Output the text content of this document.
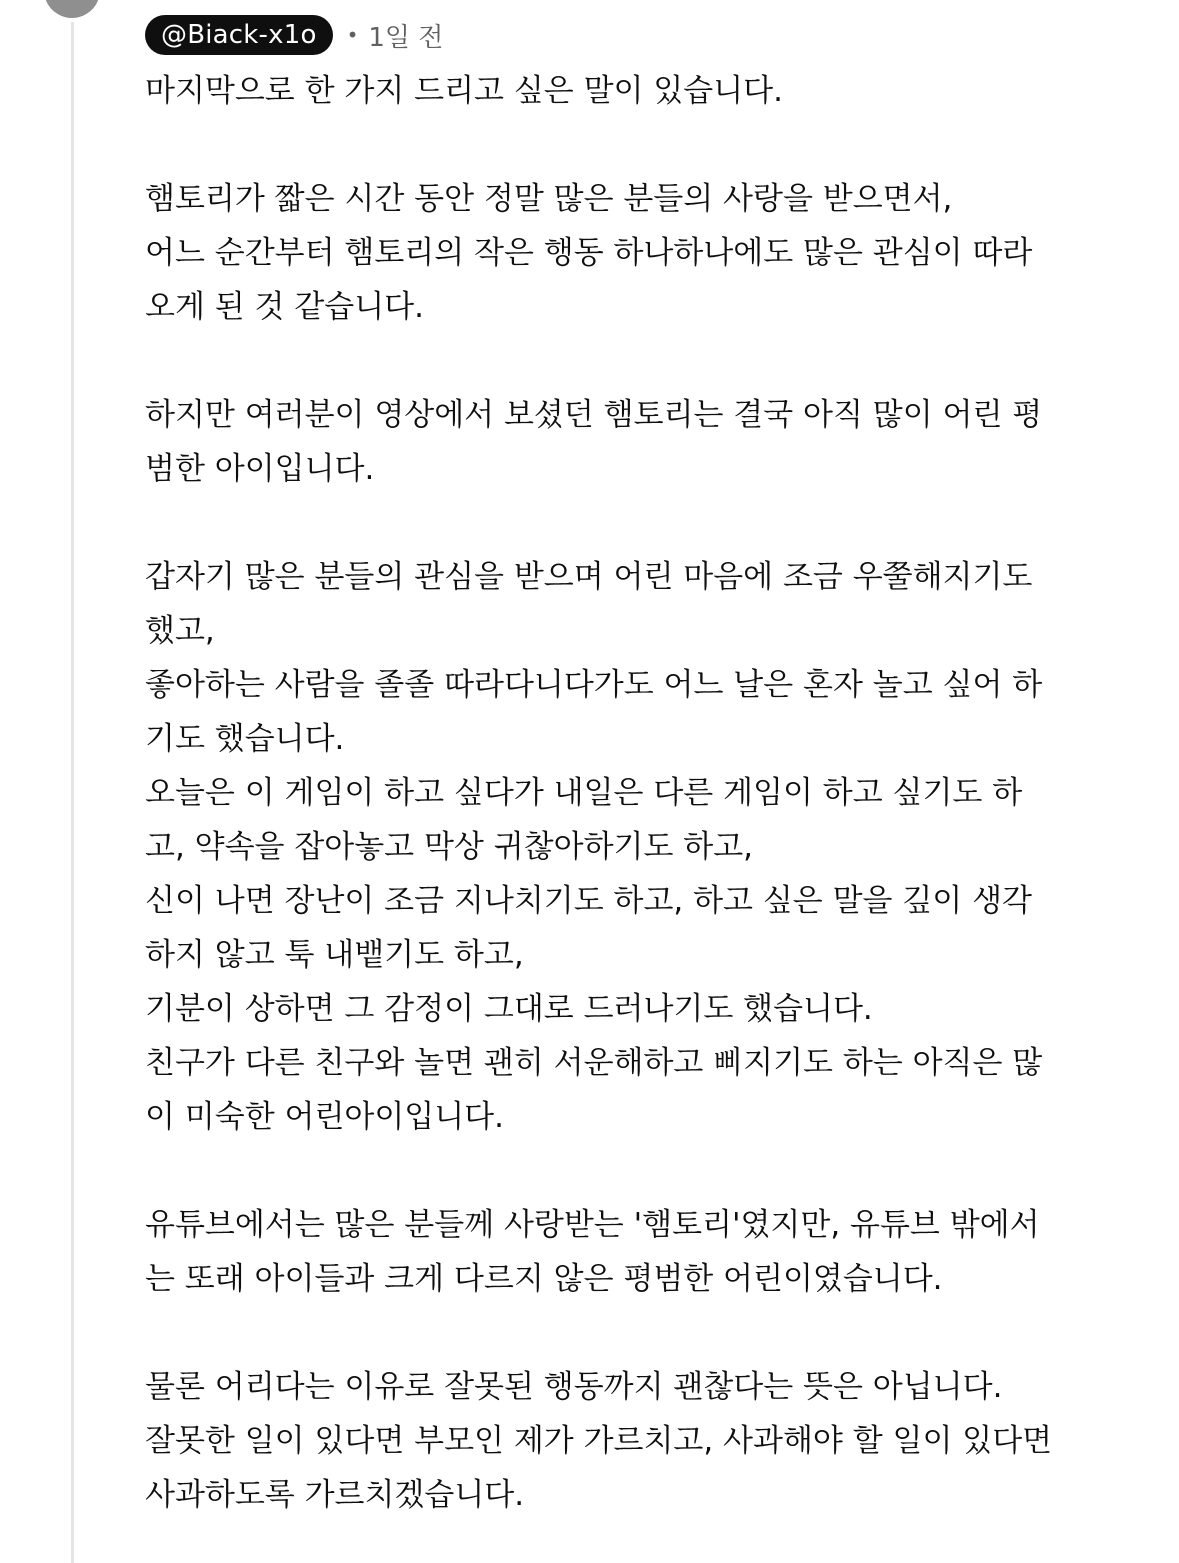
@Biack-x1o	• 1일 전
마지막으로 한 가지 드리고 싶은 말이 있습니다.
햄토리가 짧은 시간 동안 정말 많은 분들의 사랑을 받으면서,
어느 순간부터 햄토리의 작은 행동 하나하나에도 많은 관심이 따라
오게 된 것 같습니다.
하지만 여러분이 영상에서 보셨던 햄토리는 결국 아직 많이 어린 평
범한 아이입니다.
갑자기 많은 분들의 관심을 받으며 어린 마음에 조금 우쭐해지기도
했고,
좋아하는 사람을 졸졸 따라다니다가도 어느 날은 혼자 놀고 싶어 하
기도 했습니다.
오늘은 이 게임이 하고 싶다가 내일은 다른 게임이 하고 싶기도 하
고, 약속을 잡아놓고 막상 귀찮아하기도 하고,
신이 나면 장난이 조금 지나치기도 하고, 하고 싶은 말을 깊이 생각
하지 않고 툭 내뱉기도 하고,
기분이 상하면 그 감정이 그대로 드러나기도 했습니다.
친구가 다른 친구와 놀면 괜히 서운해하고 삐지기도 하는 아직은 많
이 미숙한 어린아이입니다.
유튜브에서는 많은 분들께 사랑받는 '햄토리'였지만, 유튜브 밖에서
는 또래 아이들과 크게 다르지 않은 평범한 어린이였습니다.
물론 어리다는 이유로 잘못된 행동까지 괜찮다는 뜻은 아닙니다.
잘못한 일이 있다면 부모인 제가 가르치고, 사과해야 할 일이 있다면
사과하도록 가르치겠습니다.
